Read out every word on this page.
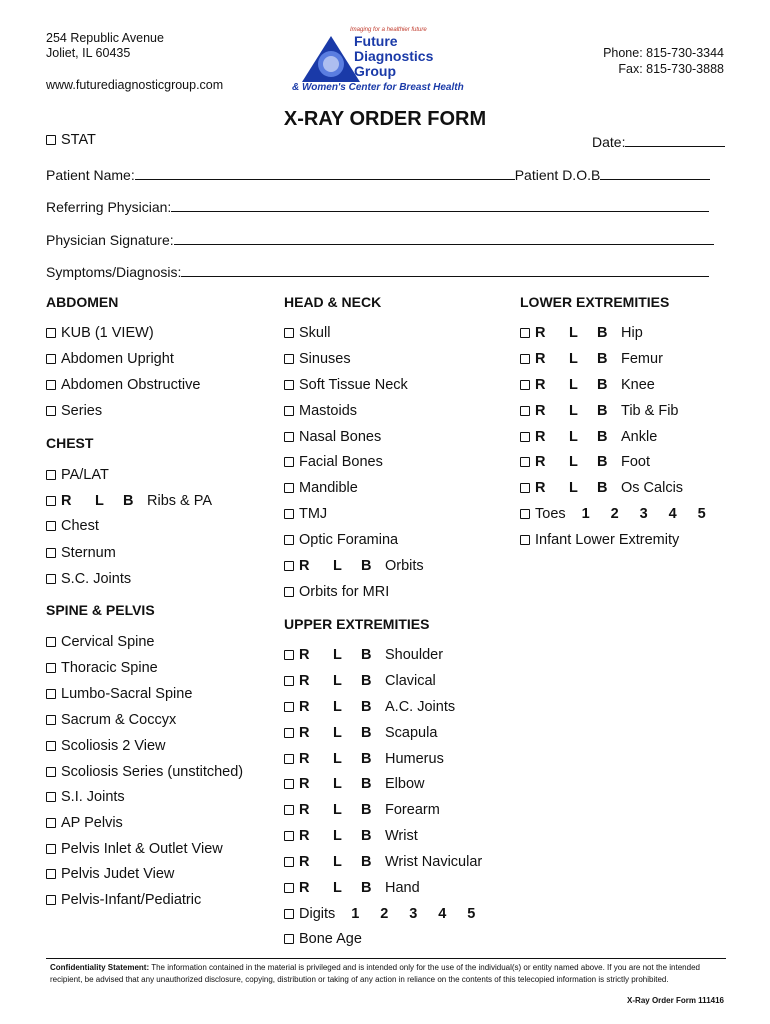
254 Republic Avenue
Joliet, IL 60435
www.futurediagnosticgroup.com
Imaging for a healthier future
Future
Diagnostics
Group
& Women's Center for Breast Health
Phone: 815-730-3344
Fax: 815-730-3888
X-RAY ORDER FORM
STAT	Date:
Patient Name:	Patient D.O.B
Referring Physician:
Physician Signature:
Symptoms/Diagnosis:
ABDOMEN
KUB (1 VIEW)
Abdomen Upright
Abdomen Obstructive
Series
CHEST
PA/LAT
R	L	B Ribs & PA
Chest
Sternum
S.C. Joints
SPINE & PELVIS
Cervical Spine
Thoracic Spine
Lumbo-Sacral Spine
Sacrum & Coccyx
Scoliosis 2 View
Scoliosis Series (unstitched)
S.I. Joints
AP Pelvis
Pelvis Inlet & Outlet View
Pelvis Judet View
Pelvis-Infant/Pediatric
HEAD & NECK
Skull
Sinuses
Soft Tissue Neck
Mastoids
Nasal Bones
Facial Bones
Mandible
TMJ
Optic Foramina
R	L	B Orbits
Orbits for MRI
UPPER EXTREMITIES
R	L	B Shoulder
R	L	B Clavical
R	L	B A.C. Joints
R	L	B Scapula
R	L	B Humerus
R	L	B Elbow
R	L	B Forearm
R	L	B Wrist
R	L	B Wrist Navicular
R	L	B Hand
Digits 1	2	3	4	5
Bone Age
LOWER EXTREMITIES
R	L	B Hip
R	L	B Femur
R	L	B Knee
R	L	B Tib & Fib
R	L	B Ankle
R	L	B Foot
R	L	B Os Calcis
Toes 1	2	3	4	5
Infant Lower Extremity
Confidentiality Statement: The information contained in the material is privileged and is intended only for the use of the individual(s) or entity named above. If you are not the intended recipient, be advised that any unauthorized disclosure, copying, distribution or taking of any action in reliance on the contents of this telecopied information is strictly prohibited.
X-Ray Order Form 111416
